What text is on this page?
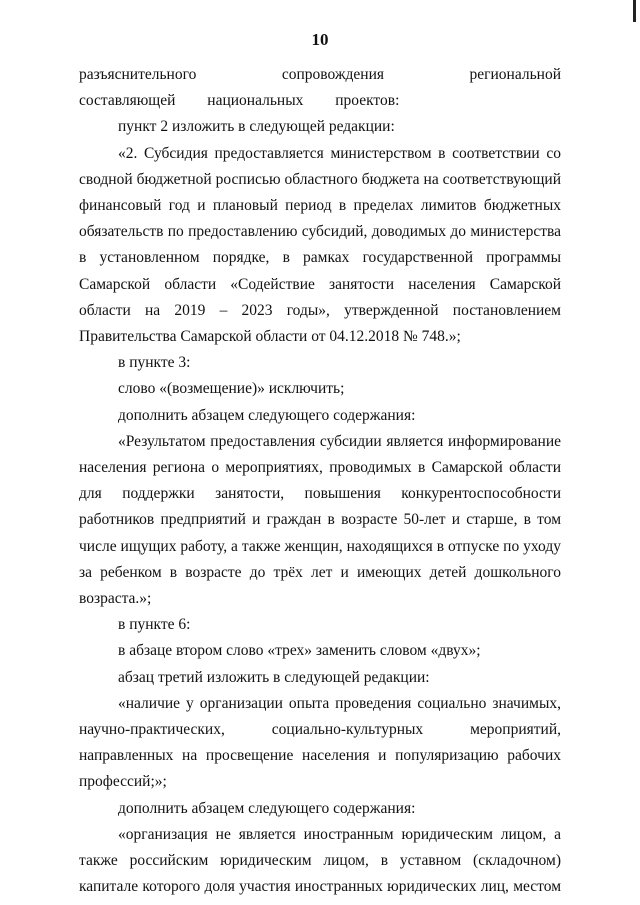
10

разъяснительного сопровождения региональной составляющей национальных проектов:

пункт 2 изложить в следующей редакции:

«2. Субсидия предоставляется министерством в соответствии со сводной бюджетной росписью областного бюджета на соответствующий финансовый год и плановый период в пределах лимитов бюджетных обязательств по предоставлению субсидий, доводимых до министерства в установленном порядке, в рамках государственной программы Самарской области «Содействие занятости населения Самарской области на 2019 – 2023 годы», утвержденной постановлением Правительства Самарской области от 04.12.2018 № 748.»;

в пункте 3:

слово «(возмещение)» исключить;

дополнить абзацем следующего содержания:

«Результатом предоставления субсидии является информирование населения региона о мероприятиях, проводимых в Самарской области для поддержки занятости, повышения конкурентоспособности работников предприятий и граждан в возрасте 50-лет и старше, в том числе ищущих работу, а также женщин, находящихся в отпуске по уходу за ребенком в возрасте до трёх лет и имеющих детей дошкольного возраста.»;

в пункте 6:

в абзаце втором слово «трех» заменить словом «двух»;

абзац третий изложить в следующей редакции:

«наличие у организации опыта проведения социально значимых, научно-практических, социально-культурных мероприятий, направленных на просвещение населения и популяризацию рабочих профессий;»;

дополнить абзацем следующего содержания:

«организация не является иностранным юридическим лицом, а также российским юридическим лицом, в уставном (складочном) капитале которого доля участия иностранных юридических лиц, местом
